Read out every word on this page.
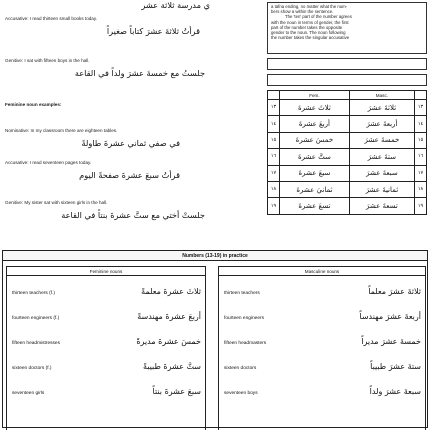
ي مدرسة ثلاثة عشر
Accusative: I read thirteen small books today.
قرأتُ ثلاثةَ عشرَ كتاباً صغيراً
Genitive: I sat with fifteen boys in the hall.
جلستُ مع خمسةَ عشرَ ولداً في القاعة
a tafna ending, no matter what the num-
bers show a within the sentence.
The 'ten' part of the number agrees
with the noun in terms of gender, the first
part of the number takes the opposite
gender to the noun. The noun following
the number takes the singular accusative
Feminine noun examples:
Nominative: In my classroom there are eighteen tables.
في صفي ثماني عشرةَ طاولةً
Accusative: I read seventeen pages today.
قرأتُ سبعَ عشرةَ صفحةً اليوم
Genitive: My sister sat with sixteen girls in the hall.
جلستْ أختي مع ستَّ عشرةَ بنتاً في القاعة
	Fem.	Masc.	
١٣	ثلاثَ عشرةَ	ثلاثةَ عشرَ	١٣
١٤	أربعَ عشرةَ	أربعةَ عشرَ	١٤
١٥	خمسَ عشرةَ	خمسةَ عشرَ	١٥
١٦	ستَّ عشرةَ	ستةَ عشرَ	١٦
١٧	سبعَ عشرةَ	سبعةَ عشرَ	١٧
١٨	ثمانيَ عشرةَ	ثمانيةَ عشرَ	١٨
١٩	تسعَ عشرةَ	تسعةَ عشرَ	١٩
Numbers (13-19) in practice
Feminine nouns
thirteen teachers (f.)	ثلاثَ عشرةَ معلمةً
fourteen engineers (f.)	أربعَ عشرةَ مهندسةً
fifteen headmistresses	خمسَ عشرةَ مديرةً
sixteen doctors (f.)	ستَّ عشرةَ طبيبةً
seventeen girls	سبعَ عشرةَ بنتاً
Masculine nouns
thirteen teachers	ثلاثةَ عشرَ معلماً
fourteen engineers	أربعةَ عشرَ مهندساً
fifteen headmasters	خمسةَ عشرَ مديراً
sixteen doctors	ستةَ عشرَ طبيباً
seventeen boys	سبعةَ عشرَ ولداً
